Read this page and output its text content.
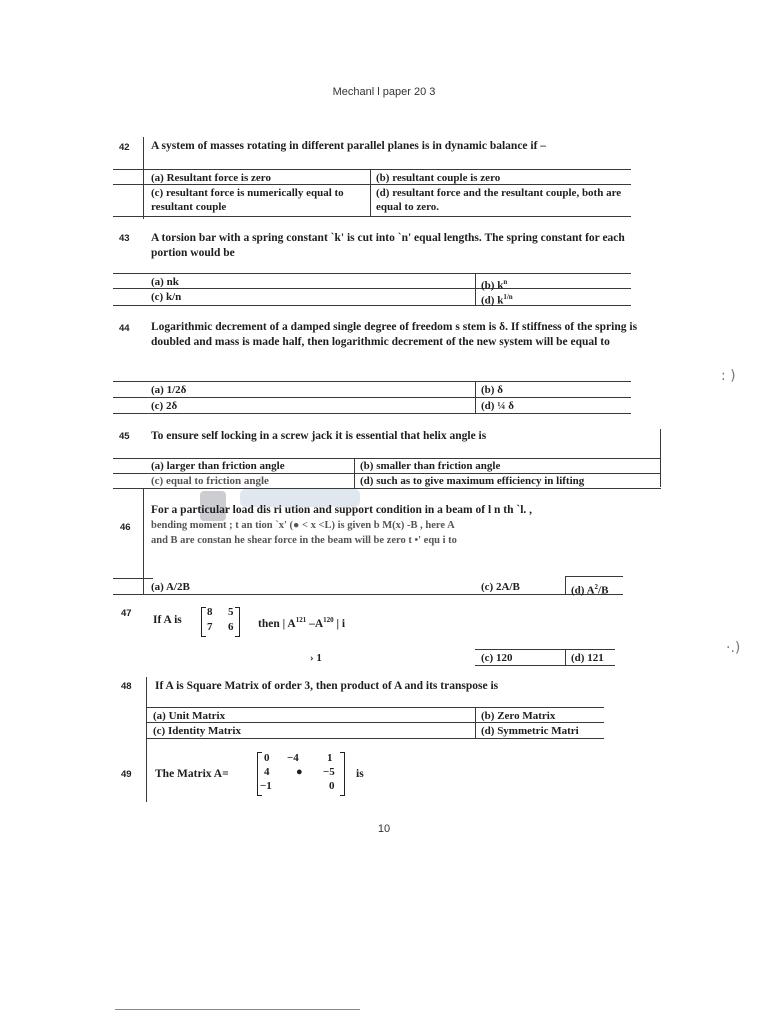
Mechanl l paper 20 3
42 A system of masses rotating in different parallel planes is in dynamic balance if –
(a) Resultant force is zero	(b) resultant couple is zero
(c) resultant force is numerically equal to resultant couple
(d) resultant force and the resultant couple, both are equal to zero.
43 A torsion bar with a spring constant `k' is cut into `n' equal lengths. The spring constant for each portion would be
(a) nk	(b) $k^n$
(c) k/n	(d) $k^{1/n}$
44 Logarithmic decrement of a damped single degree of freedom s stem is δ. If stiffness of the spring is doubled and mass is made half, then logarithmic decrement of the new system will be equal to
(a) 1/2δ	(b) δ
(c) 2δ	(d) ¼ δ
45 To ensure self locking in a screw jack it is essential that helix angle is
(a) larger than friction angle	(b) smaller than friction angle
(c) equal to friction angle	(d) such as to give maximum efficiency in lifting
46
For a particular load dis ri ution and support condition in a beam of l n th `l. ,
bending moment ; t an tion `x' (● < x <L) is given b M(x) -B , here A
and B are constan he shear force in the beam will be zero t •' equ i to
(a) A/2B	(c) 2A/B	(d) $A^2/B$
47
If A is
8 5
7 6 then | $A^{121}$ $-A^{120}$ | i
› 1	(c) 120	(d) 121
48 If A is Square Matrix of order 3, then product of A and its transpose is
(a) Unit Matrix	(b) Zero Matrix
(c) Identity Matrix	(d) Symmetric Matri
49 The Matrix A=
0 −4	1
4 ● −5
−1	0
is
: )
·.)
10
